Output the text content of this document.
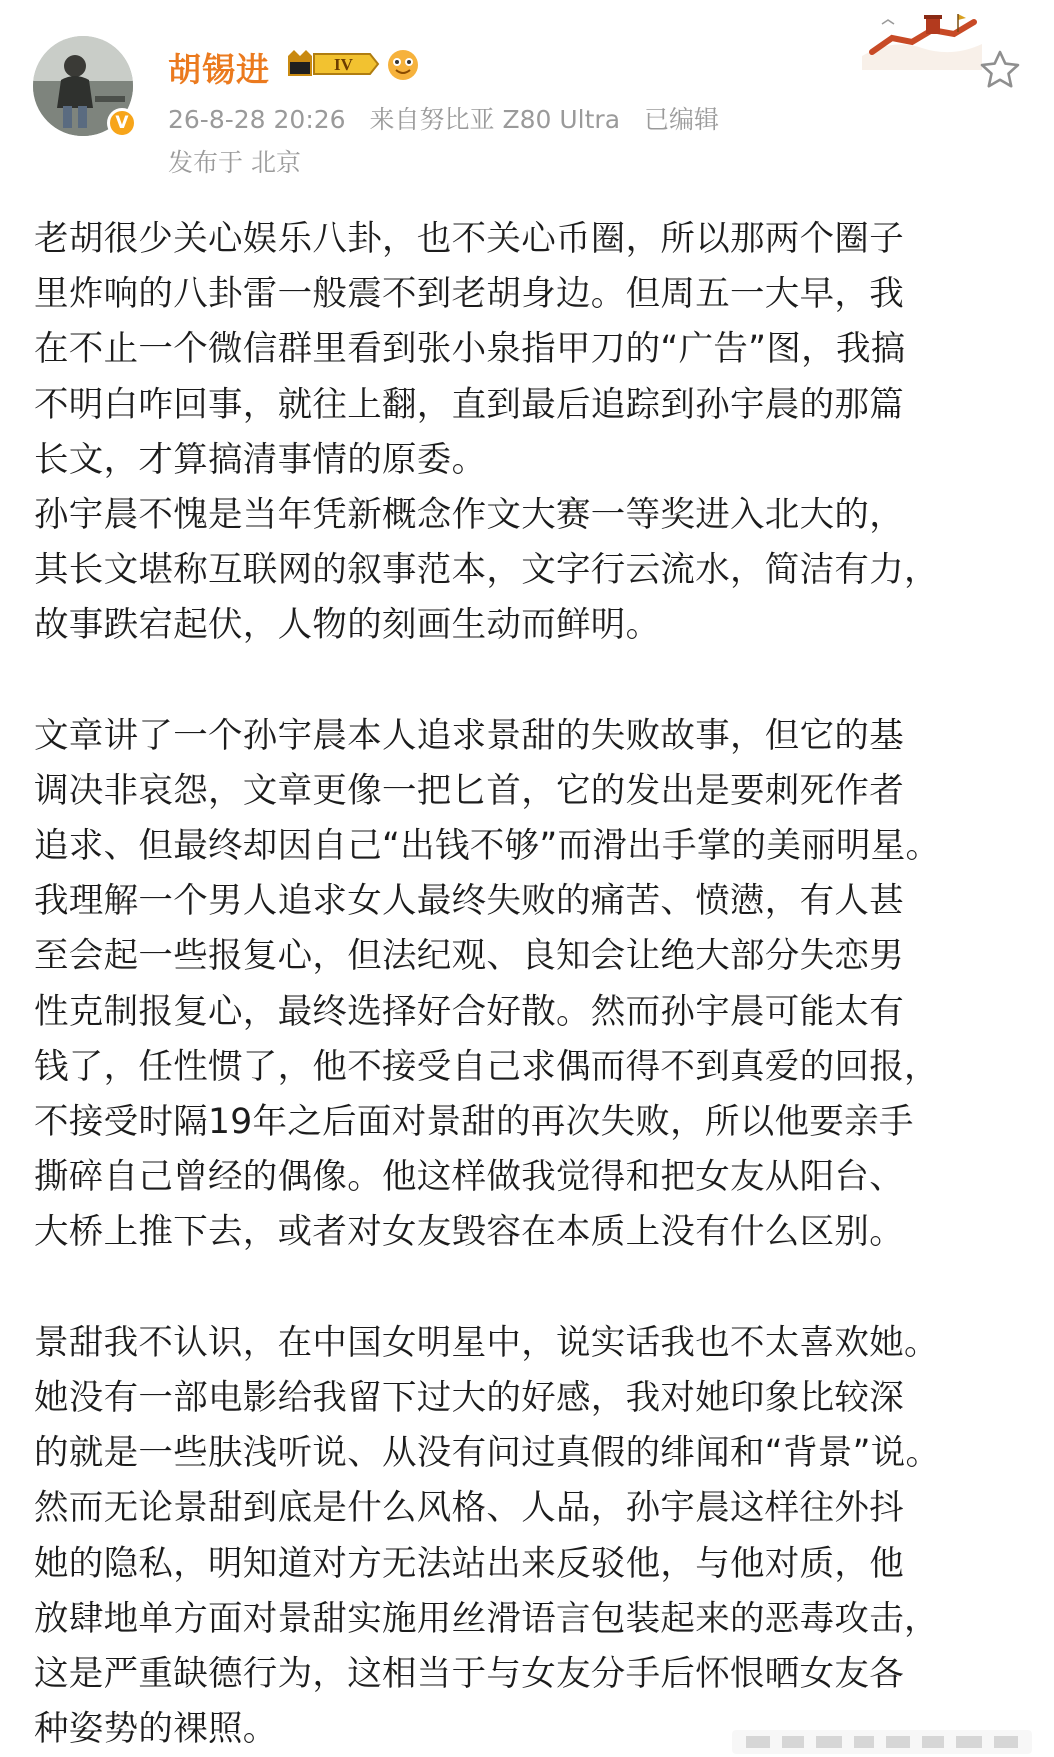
V
胡锡进	IV
26-8-28 20:26 来自努比亚 Z80 Ultra 已编辑
发布于 北京
老胡很少关心娱乐八卦，也不关心币圈，所以那两个圈子
里炸响的八卦雷一般震不到老胡身边。但周五一大早，我
在不止一个微信群里看到张小泉指甲刀的“广告”图，我搞
不明白咋回事，就往上翻，直到最后追踪到孙宇晨的那篇
长文，才算搞清事情的原委。
孙宇晨不愧是当年凭新概念作文大赛一等奖进入北大的，
其长文堪称互联网的叙事范本，文字行云流水，简洁有力，
故事跌宕起伏，人物的刻画生动而鲜明。
文章讲了一个孙宇晨本人追求景甜的失败故事，但它的基
调决非哀怨，文章更像一把匕首，它的发出是要刺死作者
追求、但最终却因自己“出钱不够”而滑出手掌的美丽明星。
我理解一个男人追求女人最终失败的痛苦、愤懑，有人甚
至会起一些报复心，但法纪观、良知会让绝大部分失恋男
性克制报复心，最终选择好合好散。然而孙宇晨可能太有
钱了，任性惯了，他不接受自己求偶而得不到真爱的回报，
不接受时隔19年之后面对景甜的再次失败，所以他要亲手
撕碎自己曾经的偶像。他这样做我觉得和把女友从阳台、
大桥上推下去，或者对女友毁容在本质上没有什么区别。
景甜我不认识，在中国女明星中，说实话我也不太喜欢她。
她没有一部电影给我留下过大的好感，我对她印象比较深
的就是一些肤浅听说、从没有问过真假的绯闻和“背景”说。
然而无论景甜到底是什么风格、人品，孙宇晨这样往外抖
她的隐私，明知道对方无法站出来反驳他，与他对质，他
放肆地单方面对景甜实施用丝滑语言包装起来的恶毒攻击，
这是严重缺德行为，这相当于与女友分手后怀恨晒女友各
种姿势的裸照。
